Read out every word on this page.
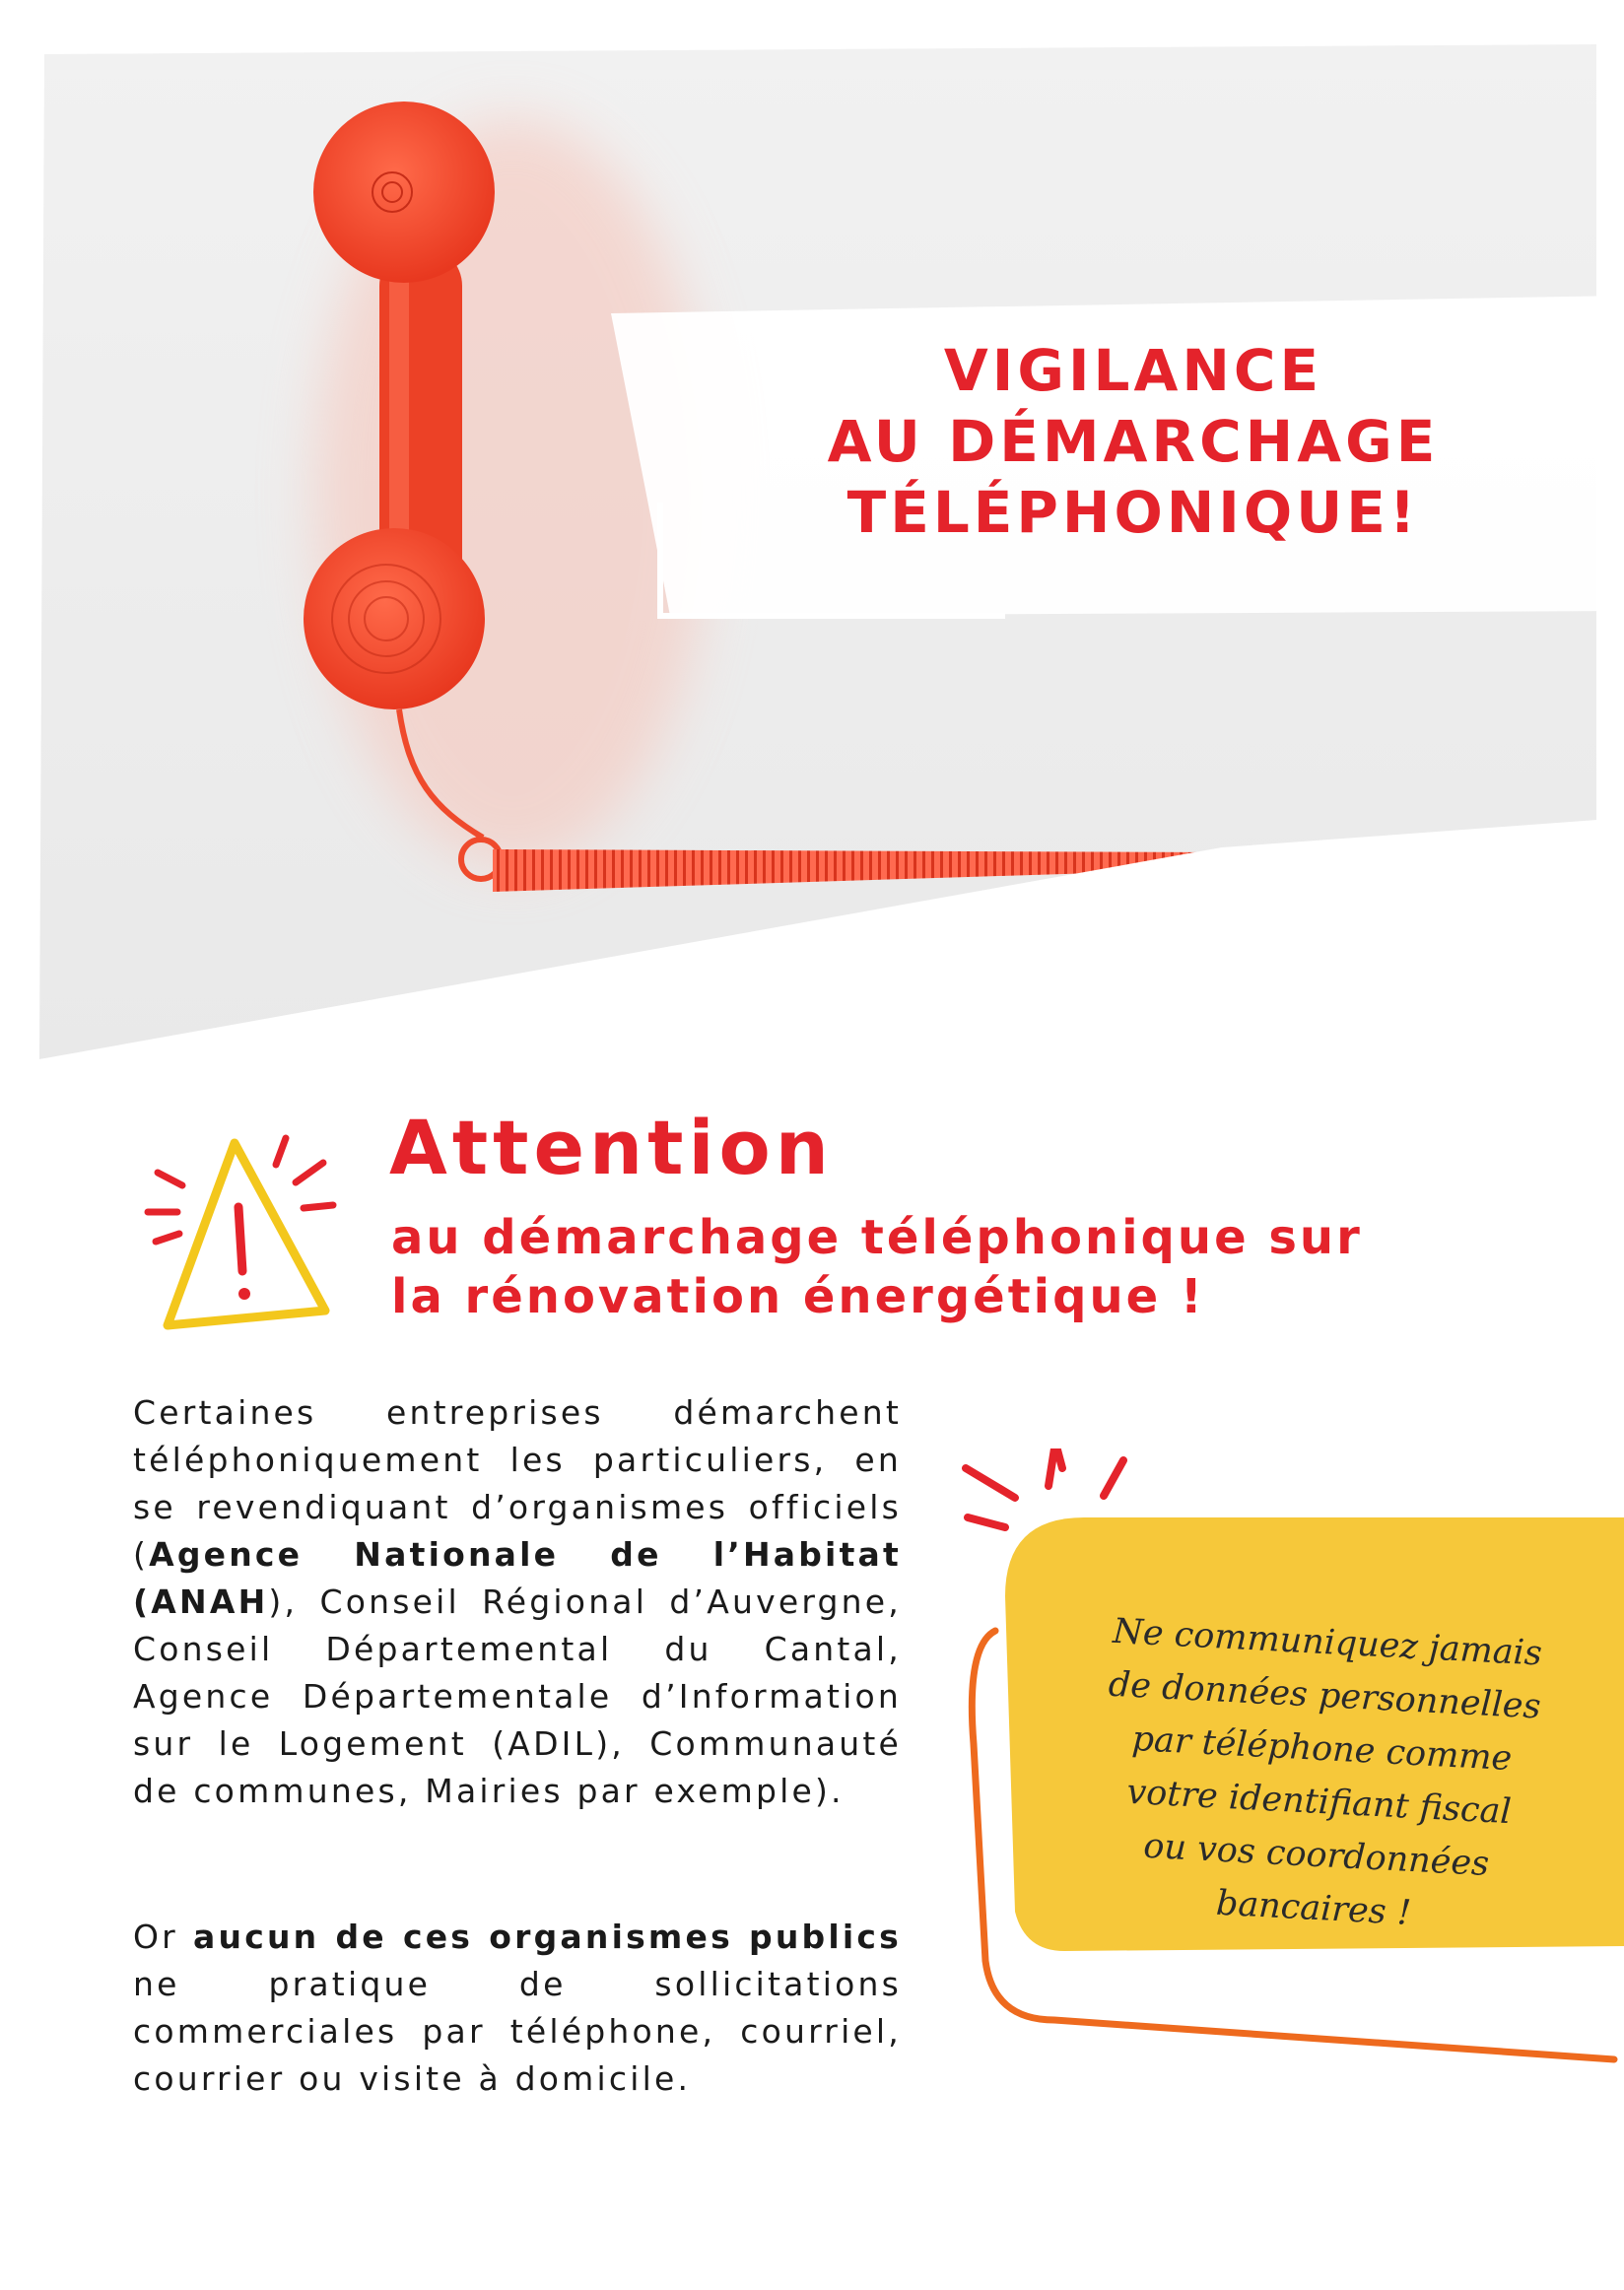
VIGILANCE
AU DÉMARCHAGE
TÉLÉPHONIQUE!
Attention
au démarchage téléphonique sur
la rénovation énergétique !
Certaines entreprises démarchent téléphoniquement les particuliers, en se revendiquant d’organismes officiels (Agence Nationale de l’Habitat (ANAH), Conseil Régional d’Auvergne, Conseil Départemental du Cantal, Agence Départementale d’Information sur le Logement (ADIL), Communauté de communes, Mairies par exemple).
Or aucun de ces organismes publics ne pratique de sollicitations commerciales par téléphone, courriel, courrier ou visite à domicile.
Ne communiquez jamais
de données personnelles
par téléphone comme
votre identifiant fiscal
ou vos coordonnées
bancaires !
